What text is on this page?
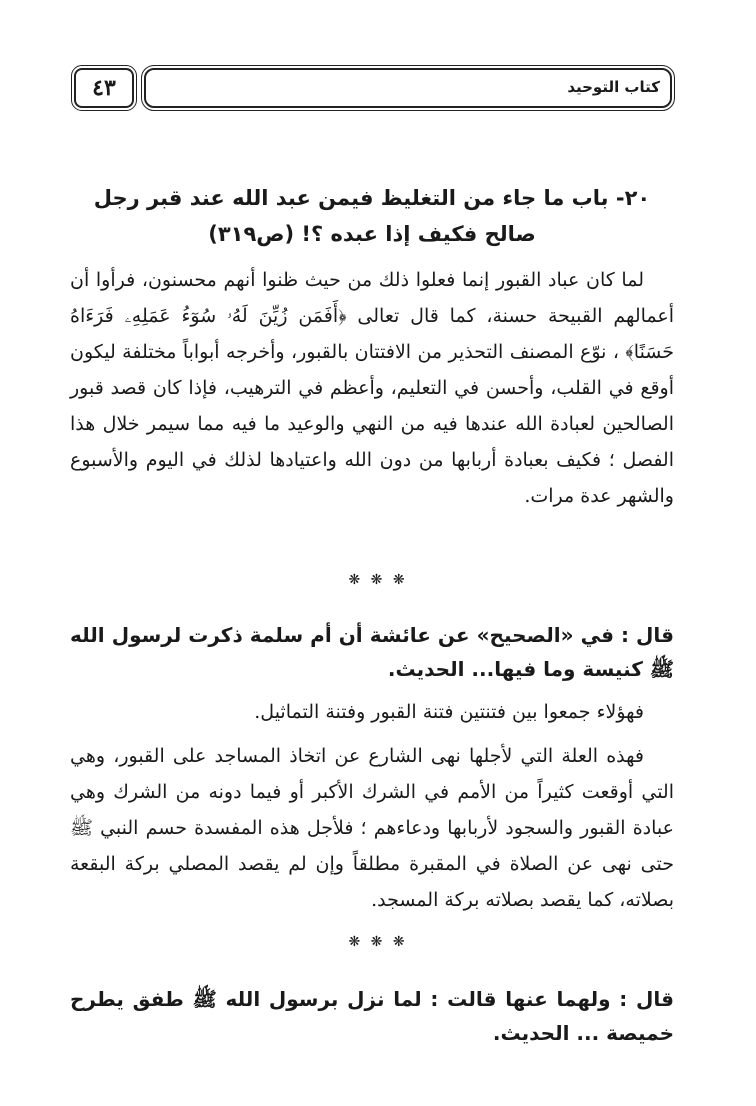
٤٣	كتاب التوحيد
٢٠- باب ما جاء من التغليظ فيمن عبد الله عند قبر رجل صالح فكيف إذا عبده ؟! (ص٣١٩)

لما كان عباد القبور إنما فعلوا ذلك من حيث ظنوا أنهم محسنون، فرأوا أن أعمالهم القبيحة حسنة، كما قال تعالى ﴿أَفَمَن زُيِّنَ لَهُۥ سُوٓءُ عَمَلِهِۦ فَرَءَاهُ حَسَنًا﴾ ، نوّع المصنف التحذير من الافتتان بالقبور، وأخرجه أبواباً مختلفة ليكون أوقع في القلب، وأحسن في التعليم، وأعظم في الترهيب، فإذا كان قصد قبور الصالحين لعبادة الله عندها فيه من النهي والوعيد ما فيه مما سيمر خلال هذا الفصل ؛ فكيف بعبادة أربابها من دون الله واعتيادها لذلك في اليوم والأسبوع والشهر عدة مرات.

❋ ❋ ❋

قال : في «الصحيح» عن عائشة أن أم سلمة ذكرت لرسول الله ﷺ كنيسة وما فيها... الحديث.

فهؤلاء جمعوا بين فتنتين فتنة القبور وفتنة التماثيل.

فهذه العلة التي لأجلها نهى الشارع عن اتخاذ المساجد على القبور، وهي التي أوقعت كثيراً من الأمم في الشرك الأكبر أو فيما دونه من الشرك وهي عبادة القبور والسجود لأربابها ودعاءهم ؛ فلأجل هذه المفسدة حسم النبي ﷺ حتى نهى عن الصلاة في المقبرة مطلقاً وإن لم يقصد المصلي بركة البقعة بصلاته، كما يقصد بصلاته بركة المسجد.

❋ ❋ ❋

قال : ولهما عنها قالت : لما نزل برسول الله ﷺ طفق يطرح خميصة ... الحديث.
